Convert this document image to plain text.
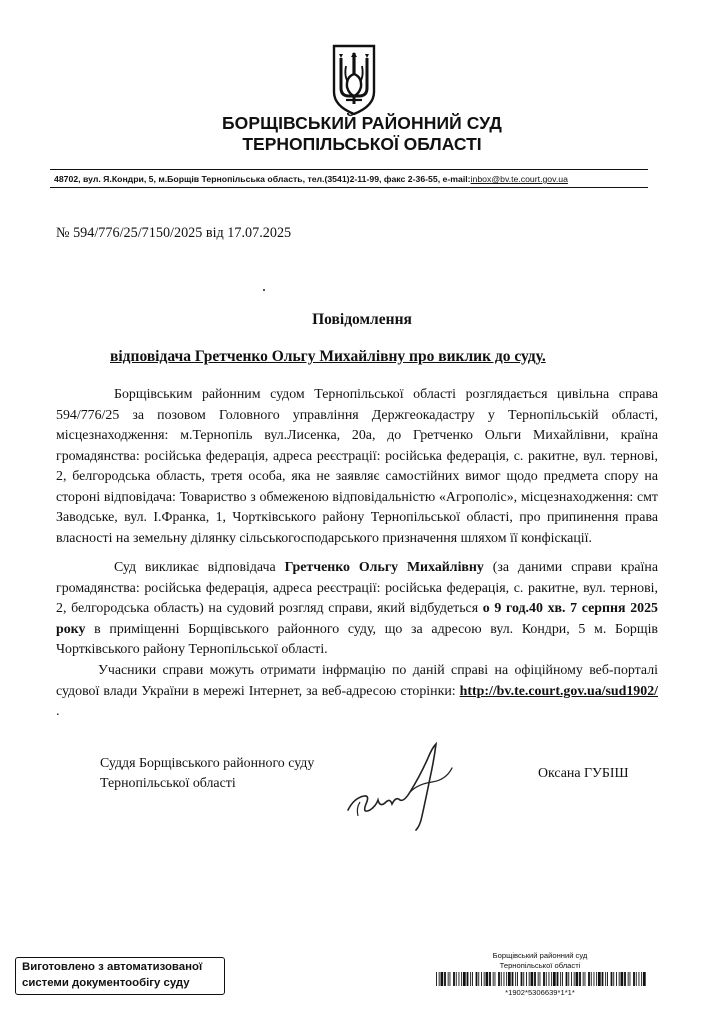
БОРЩІВСЬКИЙ РАЙОННИЙ СУД
ТЕРНОПІЛЬСЬКОЇ ОБЛАСТІ
48702, вул. Я.Кондри, 5, м.Борщів Тернопільська область, тел.(3541)2-11-99, факс 2-36-55, e-mail:inbox@bv.te.court.gov.ua
№ 594/776/25/7150/2025 від 17.07.2025
Повідомлення
відповідача Гретченко Ольгу Михайлівну про виклик до суду.
Борщівським районним судом Тернопільської області розглядається цивільна справа 594/776/25 за позовом Головного управління Держгеокадастру у Тернопільській області, місцезнаходження: м.Тернопіль вул.Лисенка, 20а, до Гретченко Ольги Михайлівни, країна громадянства: російська федерація, адреса реєстрації: російська федерація, с. ракитне, вул. тернові, 2, белгородська область, третя особа, яка не заявляє самостійних вимог щодо предмета спору на стороні відповідача: Товариство з обмеженою відповідальністю «Агрополіс», місцезнаходження: смт Заводське, вул. І.Франка, 1, Чортківського району Тернопільської області, про припинення права власності на земельну ділянку сільськогосподарського призначення шляхом її конфіскації.
Суд викликає відповідача Гретченко Ольгу Михайлівну (за даними справи країна громадянства: російська федерація, адреса реєстрації: російська федерація, с. ракитне, вул. тернові, 2, белгородська область) на судовий розгляд справи, який відбудеться о 9 год.40 хв. 7 серпня 2025 року в приміщенні Борщівського районного суду, що за адресою вул. Кондри, 5 м. Борщів Чортківського району Тернопільської області.
Учасники справи можуть отримати інфрмацію по даній справі на офіційному веб-порталі судової влади України в мережі Інтернет, за веб-адресою сторінки: http://bv.te.court.gov.ua/sud1902/ .
Суддя Борщівського районного суду
Тернопільської області
Оксана ГУБІШ
Виготовлено з автоматизованої
системи документообігу суду
Борщівський районний суд
Тернопільської області
*1902*5306639*1*1*
